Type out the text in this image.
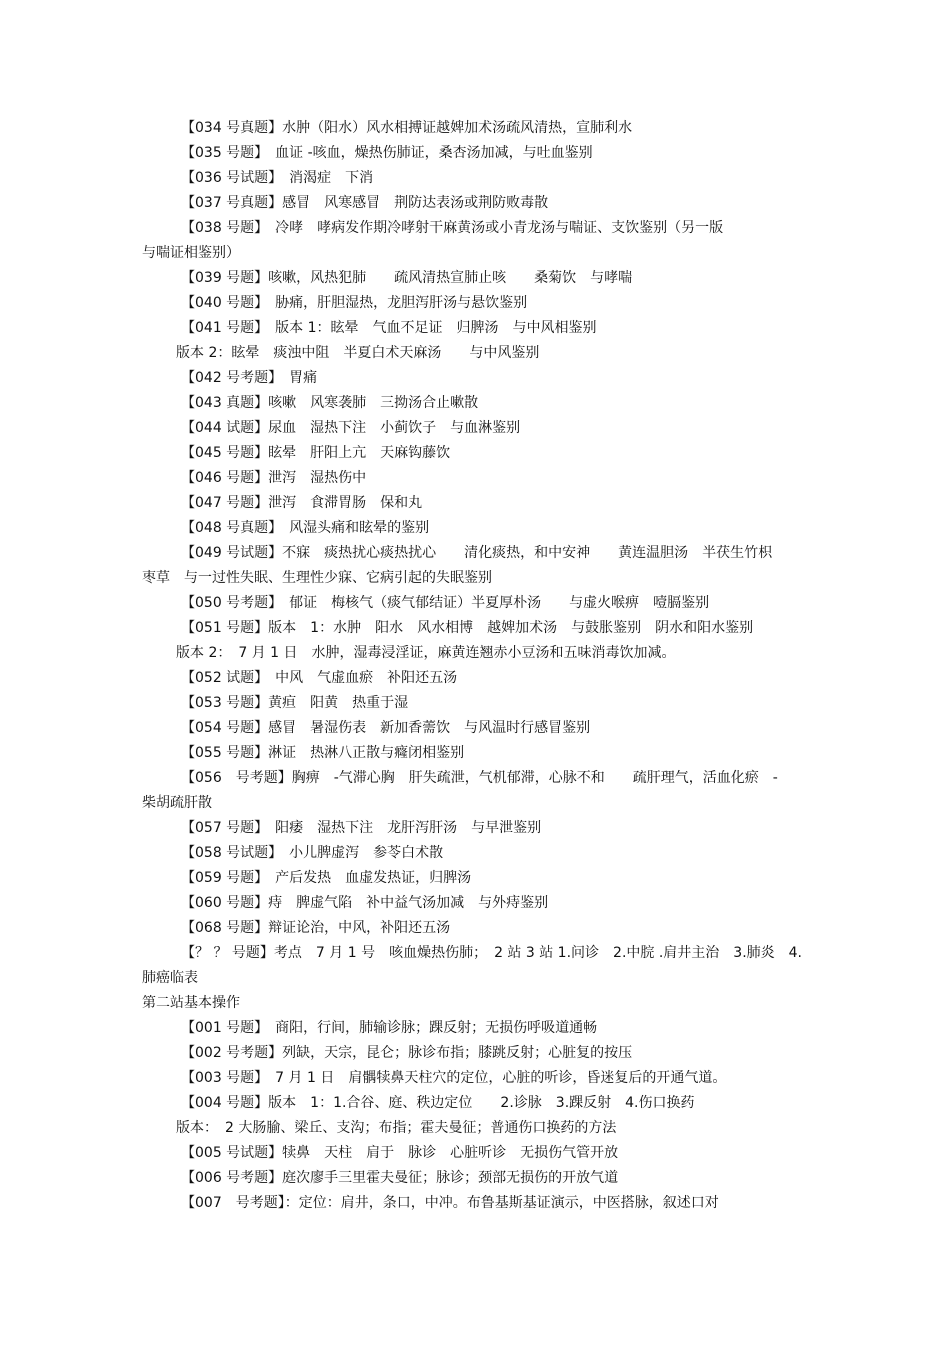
【034 号真题】水肿（阳水）风水相搏证越婢加术汤疏风清热，宣肺利水
【035 号题】　血证 -咳血，燥热伤肺证，桑杏汤加减，与吐血鉴别
【036 号试题】　消渴症　下消
【037 号真题】感冒　风寒感冒　荆防达表汤或荆防败毒散
【038 号题】　冷哮　哮病发作期冷哮射干麻黄汤或小青龙汤与喘证、支饮鉴别（另一版
与喘证相鉴别）
【039 号题】咳嗽，风热犯肺　　疏风清热宣肺止咳　　桑菊饮　与哮喘
【040 号题】　胁痛，肝胆湿热，龙胆泻肝汤与悬饮鉴别
【041 号题】　版本 1：眩晕　气血不足证　归脾汤　与中风相鉴别
版本 2：眩晕　痰浊中阻　半夏白术天麻汤　　与中风鉴别
【042 号考题】　胃痛
【043 真题】咳嗽　风寒袭肺　三拗汤合止嗽散
【044 试题】尿血　湿热下注　小蓟饮子　与血淋鉴别
【045 号题】眩晕　肝阳上亢　天麻钩藤饮
【046 号题】泄泻　湿热伤中
【047 号题】泄泻　食滞胃肠　保和丸
【048 号真题】　风湿头痛和眩晕的鉴别
【049 号试题】不寐　痰热扰心痰热扰心　　清化痰热，和中安神　　黄连温胆汤　半茯生竹枳
枣草　与一过性失眠、生理性少寐、它病引起的失眠鉴别
【050 号考题】　郁证　梅核气（痰气郁结证）半夏厚朴汤　　与虚火喉痹　噎膈鉴别
【051 号题】版本　1：水肿　阳水　风水相博　越婢加术汤　与鼓胀鉴别　阴水和阳水鉴别
版本 2：　7 月 1 日　水肿，湿毒浸淫证，麻黄连翘赤小豆汤和五味消毒饮加减。
【052 试题】　中风　气虚血瘀　补阳还五汤
【053 号题】黄疸　阳黄　热重于湿
【054 号题】感冒　暑湿伤表　新加香薷饮　与风温时行感冒鉴别
【055 号题】淋证　热淋八正散与癃闭相鉴别
【056　号考题】胸痹　-气滞心胸　肝失疏泄，气机郁滞，心脉不和　　疏肝理气，活血化瘀　-
柴胡疏肝散
【057 号题】　阳痿　湿热下注　龙肝泻肝汤　与早泄鉴别
【058 号试题】　小儿脾虚泻　参苓白术散
【059 号题】　产后发热　血虚发热证，归脾汤
【060 号题】痔　脾虚气陷　补中益气汤加减　与外痔鉴别
【068 号题】辩证论治，中风，补阳还五汤
【？ ？ 号题】考点　7 月 1 号　咳血燥热伤肺；　2 站 3 站 1.问诊　2.中脘 .肩井主治　3.肺炎　4.
肺癌临表
第二站基本操作
【001 号题】　商阳，行间，肺输诊脉；踝反射；无损伤呼吸道通畅
【002 号考题】列缺，天宗，昆仑；脉诊布指；膝跳反射；心脏复的按压
【003 号题】　7 月 1 日　肩髃犊鼻天柱穴的定位，心脏的听诊，昏迷复后的开通气道。
【004 号题】版本　1：1.合谷、庭、秩边定位　　2.诊脉　3.踝反射　4.伤口换药
版本：　2 大肠腧、梁丘、支沟；布指；霍夫曼征；普通伤口换药的方法
【005 号试题】犊鼻　天柱　肩于　脉诊　心脏听诊　无损伤气管开放
【006 号考题】庭次廖手三里霍夫曼征；脉诊；颈部无损伤的开放气道
【007　号考题】：定位：肩井，条口，中冲。布鲁基斯基证演示，中医搭脉，叙述口对
